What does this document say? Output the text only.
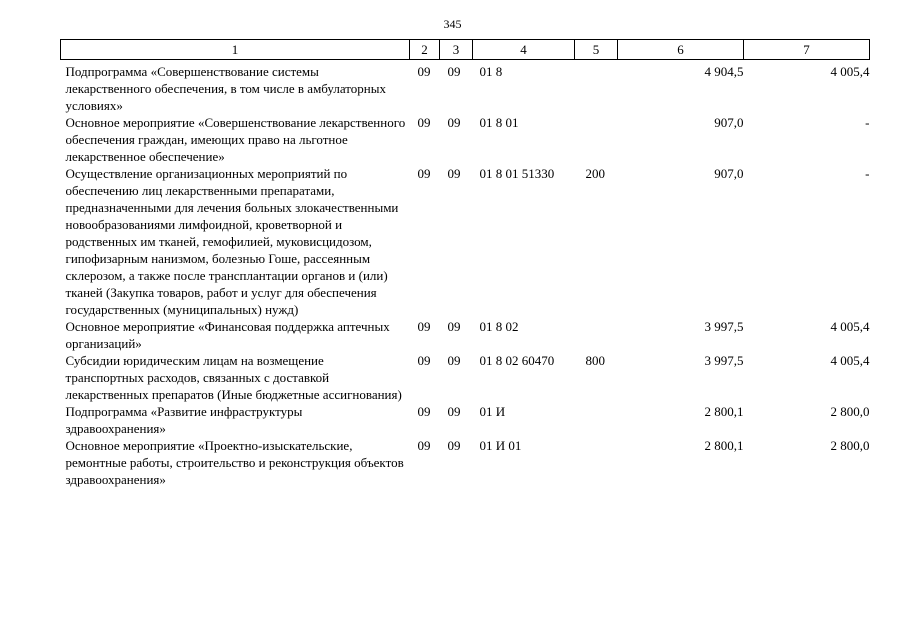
345
1	2	3	4	5	6	7
Подпрограмма «Совершенствование системы лекарственного обеспечения, в том числе в амбулаторных условиях»	09	09	01 8		4 904,5	4 005,4
Основное мероприятие «Совершенствование лекарственного обеспечения граждан, имеющих право на льготное лекарственное обеспечение»	09	09	01 8 01		907,0	-
Осуществление организационных мероприятий по обеспечению лиц лекарственными препаратами, предназначенными для лечения больных злокачественными новообразованиями лимфоидной, кроветворной и родственных им тканей, гемофилией, муковисцидозом, гипофизарным нанизмом, болезнью Гоше, рассеянным склерозом, а также после трансплантации органов и (или) тканей (Закупка товаров, работ и услуг для обеспечения государственных (муниципальных) нужд)	09	09	01 8 01 51330	200	907,0	-
Основное мероприятие «Финансовая поддержка аптечных организаций»	09	09	01 8 02		3 997,5	4 005,4
Субсидии юридическим лицам на возмещение транспортных расходов, связанных с доставкой лекарственных препаратов (Иные бюджетные ассигнования)	09	09	01 8 02 60470	800	3 997,5	4 005,4
Подпрограмма «Развитие инфраструктуры здравоохранения»	09	09	01 И		2 800,1	2 800,0
Основное мероприятие «Проектно-изыскательские, ремонтные работы, строительство и реконструкция объектов здравоохранения»	09	09	01 И 01		2 800,1	2 800,0
